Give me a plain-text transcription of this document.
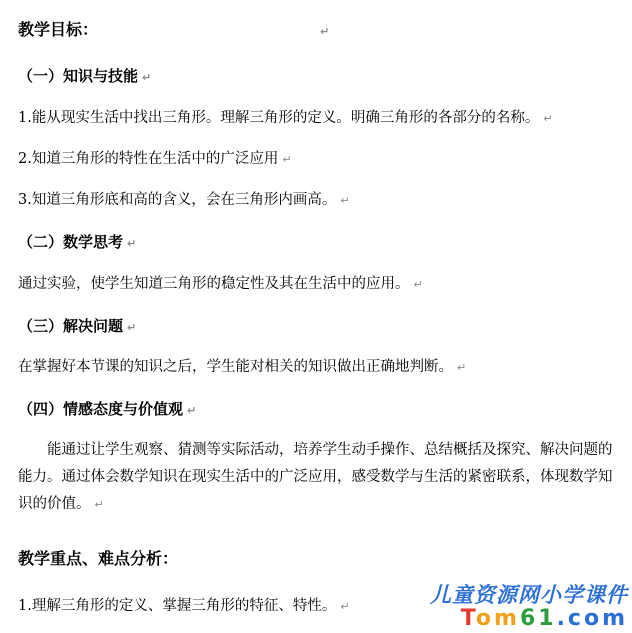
教学目标：	↵
（一）知识与技能 ↵
1.能从现实生活中找出三角形。理解三角形的定义。明确三角形的各部分的名称。 ↵
2.知道三角形的特性在生活中的广泛应用 ↵
3.知道三角形底和高的含义，会在三角形内画高。 ↵
（二）数学思考 ↵
通过实验，使学生知道三角形的稳定性及其在生活中的应用。 ↵
（三）解决问题 ↵
在掌握好本节课的知识之后，学生能对相关的知识做出正确地判断。 ↵
（四）情感态度与价值观 ↵
能通过让学生观察、猜测等实际活动，培养学生动手操作、总结概括及探究、解决问题的能力。通过体会数学知识在现实生活中的广泛应用，感受数学与生活的紧密联系，体现数学知识的价值。 ↵
教学重点、难点分析：
1.理解三角形的定义、掌握三角形的特征、特性。 ↵	儿童资源网小学课件
Tom61.com
